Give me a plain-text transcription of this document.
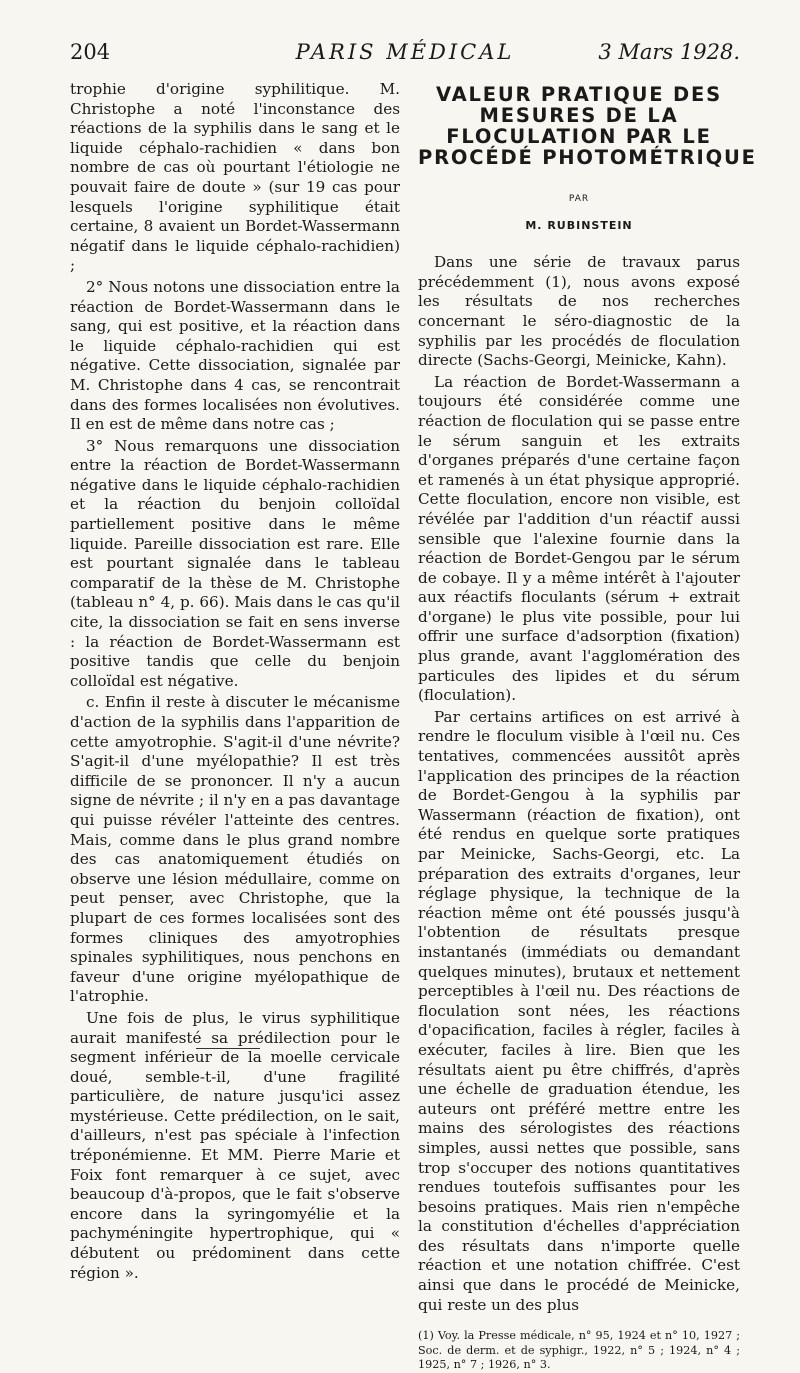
204	PARIS MÉDICAL	3 Mars 1928.

trophie d'origine syphilitique. M. Christophe a noté l'inconstance des réactions de la syphilis dans le sang et le liquide céphalo-rachidien « dans bon nombre de cas où pourtant l'étiologie ne pouvait faire de doute » (sur 19 cas pour lesquels l'origine syphilitique était certaine, 8 avaient un Bordet-Wassermann négatif dans le liquide céphalo-rachidien) ;

2° Nous notons une dissociation entre la réaction de Bordet-Wassermann dans le sang, qui est positive, et la réaction dans le liquide céphalo-rachidien qui est négative. Cette dissociation, signalée par M. Christophe dans 4 cas, se rencontrait dans des formes localisées non évolutives. Il en est de même dans notre cas ;

3° Nous remarquons une dissociation entre la réaction de Bordet-Wassermann négative dans le liquide céphalo-rachidien et la réaction du benjoin colloïdal partiellement positive dans le même liquide. Pareille dissociation est rare. Elle est pourtant signalée dans le tableau comparatif de la thèse de M. Christophe (tableau n° 4, p. 66). Mais dans le cas qu'il cite, la dissociation se fait en sens inverse : la réaction de Bordet-Wassermann est positive tandis que celle du benjoin colloïdal est négative.

c. Enfin il reste à discuter le mécanisme d'action de la syphilis dans l'apparition de cette amyotrophie. S'agit-il d'une névrite? S'agit-il d'une myélopathie? Il est très difficile de se prononcer. Il n'y a aucun signe de névrite ; il n'y en a pas davantage qui puisse révéler l'atteinte des centres. Mais, comme dans le plus grand nombre des cas anatomiquement étudiés on observe une lésion médullaire, comme on peut penser, avec Christophe, que la plupart de ces formes localisées sont des formes cliniques des amyotrophies spinales syphilitiques, nous penchons en faveur d'une origine myélopathique de l'atrophie.

Une fois de plus, le virus syphilitique aurait manifesté sa prédilection pour le segment inférieur de la moelle cervicale doué, semble-t-il, d'une fragilité particulière, de nature jusqu'ici assez mystérieuse. Cette prédilection, on le sait, d'ailleurs, n'est pas spéciale à l'infection tréponémienne. Et MM. Pierre Marie et Foix font remarquer à ce sujet, avec beaucoup d'à-propos, que le fait s'observe encore dans la syringomyélie et la pachyméningite hypertrophique, qui « débutent ou prédominent dans cette région ».

VALEUR PRATIQUE DES
MESURES DE LA
FLOCULATION PAR LE
PROCÉDÉ PHOTOMÉTRIQUE
PAR
M. RUBINSTEIN

Dans une série de travaux parus précédemment (1), nous avons exposé les résultats de nos recherches concernant le séro-diagnostic de la syphilis par les procédés de floculation directe (Sachs-Georgi, Meinicke, Kahn).

La réaction de Bordet-Wassermann a toujours été considérée comme une réaction de floculation qui se passe entre le sérum sanguin et les extraits d'organes préparés d'une certaine façon et ramenés à un état physique approprié. Cette floculation, encore non visible, est révélée par l'addition d'un réactif aussi sensible que l'alexine fournie dans la réaction de Bordet-Gengou par le sérum de cobaye. Il y a même intérêt à l'ajouter aux réactifs floculants (sérum + extrait d'organe) le plus vite possible, pour lui offrir une surface d'adsorption (fixation) plus grande, avant l'agglomération des particules des lipides et du sérum (floculation).

Par certains artifices on est arrivé à rendre le floculum visible à l'œil nu. Ces tentatives, commencées aussitôt après l'application des principes de la réaction de Bordet-Gengou à la syphilis par Wassermann (réaction de fixation), ont été rendus en quelque sorte pratiques par Meinicke, Sachs-Georgi, etc. La préparation des extraits d'organes, leur réglage physique, la technique de la réaction même ont été poussés jusqu'à l'obtention de résultats presque instantanés (immédiats ou demandant quelques minutes), brutaux et nettement perceptibles à l'œil nu. Des réactions de floculation sont nées, les réactions d'opacification, faciles à régler, faciles à exécuter, faciles à lire. Bien que les résultats aient pu être chiffrés, d'après une échelle de graduation étendue, les auteurs ont préféré mettre entre les mains des sérologistes des réactions simples, aussi nettes que possible, sans trop s'occuper des notions quantitatives rendues toutefois suffisantes pour les besoins pratiques. Mais rien n'empêche la constitution d'échelles d'appréciation des résultats dans n'importe quelle réaction et une notation chiffrée. C'est ainsi que dans le procédé de Meinicke, qui reste un des plus

(1) Voy. la Presse médicale, n° 95, 1924 et n° 10, 1927 ; Soc. de derm. et de syphigr., 1922, n° 5 ; 1924, n° 4 ; 1925, n° 7 ; 1926, n° 3.
